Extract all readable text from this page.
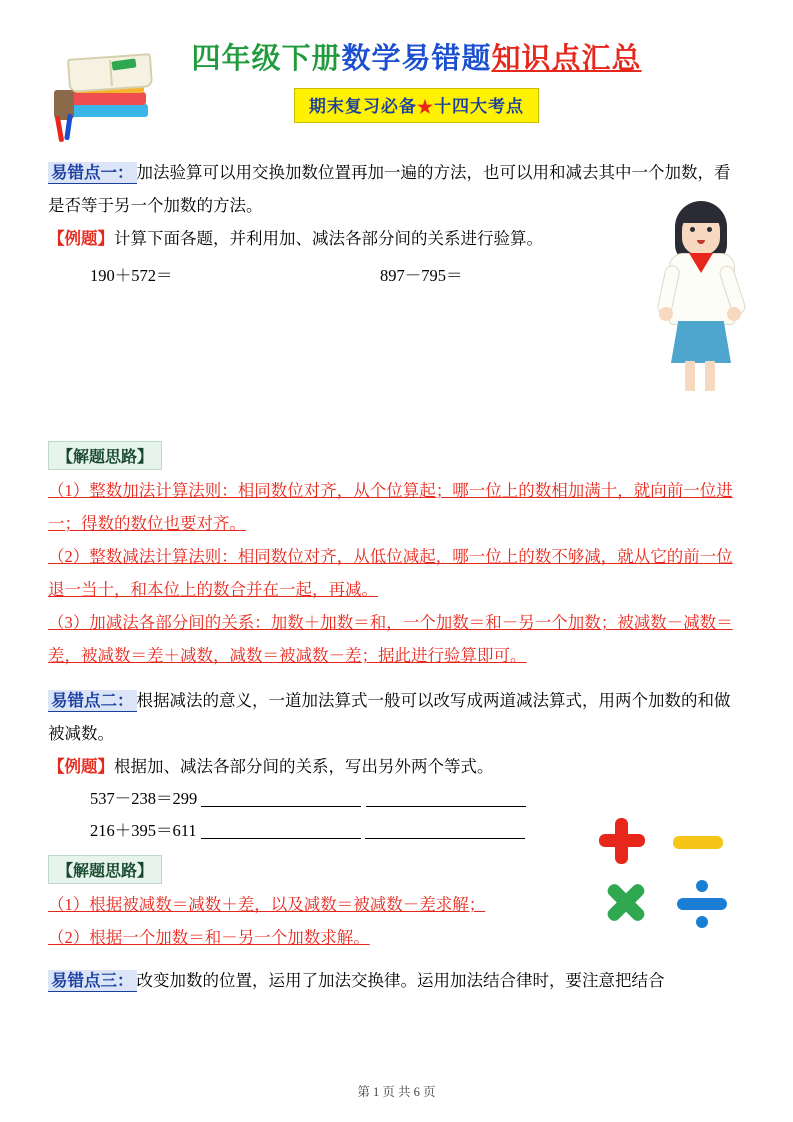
四年级下册数学易错题知识点汇总
期末复习必备★十四大考点

易错点一： 加法验算可以用交换加数位置再加一遍的方法，也可以用和减去其中一个加数，看是否等于另一个加数的方法。

【例题】计算下面各题，并利用加、减法各部分间的关系进行验算。

190＋572＝	897－795＝
【解题思路】
（1）整数加法计算法则：相同数位对齐，从个位算起；哪一位上的数相加满十，就向前一位进一；得数的数位也要对齐。
（2）整数减法计算法则：相同数位对齐，从低位减起，哪一位上的数不够减，就从它的前一位退一当十，和本位上的数合并在一起，再减。
（3）加减法各部分间的关系：加数＋加数＝和，一个加数＝和－另一个加数；被减数－减数＝差，被减数＝差＋减数，减数＝被减数－差；据此进行验算即可。

易错点二： 根据减法的意义，一道加法算式一般可以改写成两道减法算式，用两个加数的和做被减数。

【例题】根据加、减法各部分间的关系，写出另外两个等式。

537－238＝299
216＋395＝611
【解题思路】
（1）根据被减数＝减数＋差，以及减数＝被减数－差求解；
（2）根据一个加数＝和－另一个加数求解。

易错点三： 改变加数的位置，运用了加法交换律。运用加法结合律时，要注意把结合

第 1 页 共 6 页
